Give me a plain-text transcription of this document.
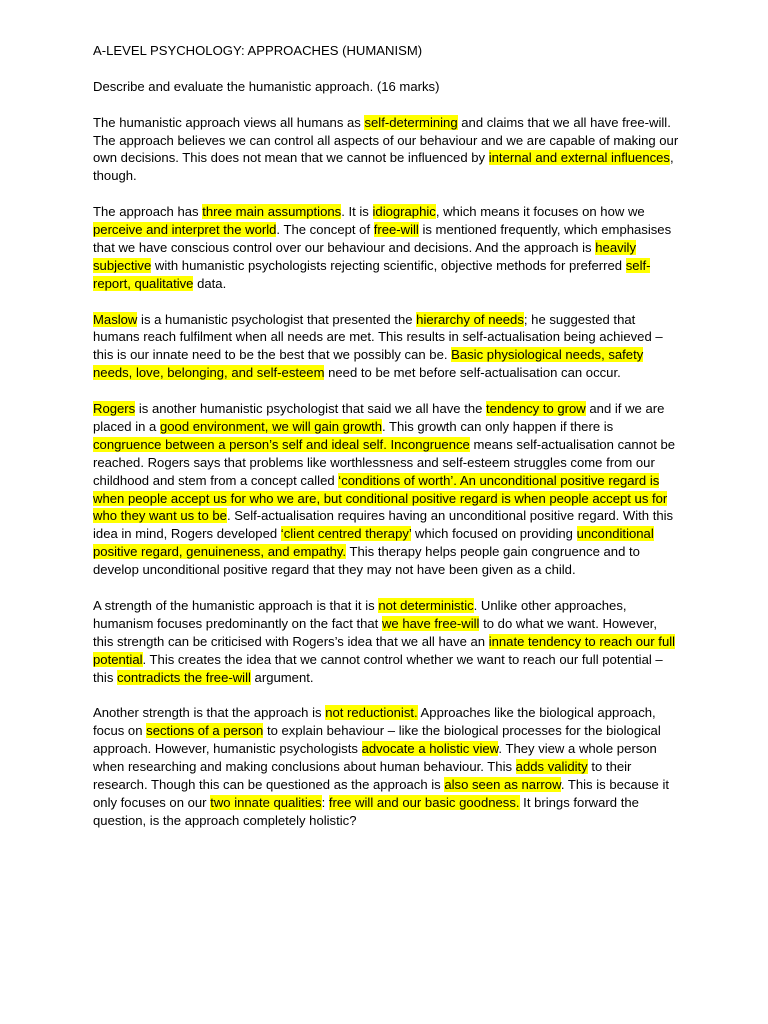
A-LEVEL PSYCHOLOGY: APPROACHES (HUMANISM)
Describe and evaluate the humanistic approach. (16 marks)
The humanistic approach views all humans as self-determining and claims that we all have free-will. The approach believes we can control all aspects of our behaviour and we are capable of making our own decisions. This does not mean that we cannot be influenced by internal and external influences, though.
The approach has three main assumptions. It is idiographic, which means it focuses on how we perceive and interpret the world. The concept of free-will is mentioned frequently, which emphasises that we have conscious control over our behaviour and decisions. And the approach is heavily subjective with humanistic psychologists rejecting scientific, objective methods for preferred self-report, qualitative data.
Maslow is a humanistic psychologist that presented the hierarchy of needs; he suggested that humans reach fulfilment when all needs are met. This results in self-actualisation being achieved – this is our innate need to be the best that we possibly can be. Basic physiological needs, safety needs, love, belonging, and self-esteem need to be met before self-actualisation can occur.
Rogers is another humanistic psychologist that said we all have the tendency to grow and if we are placed in a good environment, we will gain growth. This growth can only happen if there is congruence between a person’s self and ideal self. Incongruence means self-actualisation cannot be reached. Rogers says that problems like worthlessness and self-esteem struggles come from our childhood and stem from a concept called ‘conditions of worth’. An unconditional positive regard is when people accept us for who we are, but conditional positive regard is when people accept us for who they want us to be. Self-actualisation requires having an unconditional positive regard. With this idea in mind, Rogers developed ‘client centred therapy’ which focused on providing unconditional positive regard, genuineness, and empathy. This therapy helps people gain congruence and to develop unconditional positive regard that they may not have been given as a child.
A strength of the humanistic approach is that it is not deterministic. Unlike other approaches, humanism focuses predominantly on the fact that we have free-will to do what we want. However, this strength can be criticised with Rogers’s idea that we all have an innate tendency to reach our full potential. This creates the idea that we cannot control whether we want to reach our full potential – this contradicts the free-will argument.
Another strength is that the approach is not reductionist. Approaches like the biological approach, focus on sections of a person to explain behaviour – like the biological processes for the biological approach. However, humanistic psychologists advocate a holistic view. They view a whole person when researching and making conclusions about human behaviour. This adds validity to their research. Though this can be questioned as the approach is also seen as narrow. This is because it only focuses on our two innate qualities: free will and our basic goodness. It brings forward the question, is the approach completely holistic?
